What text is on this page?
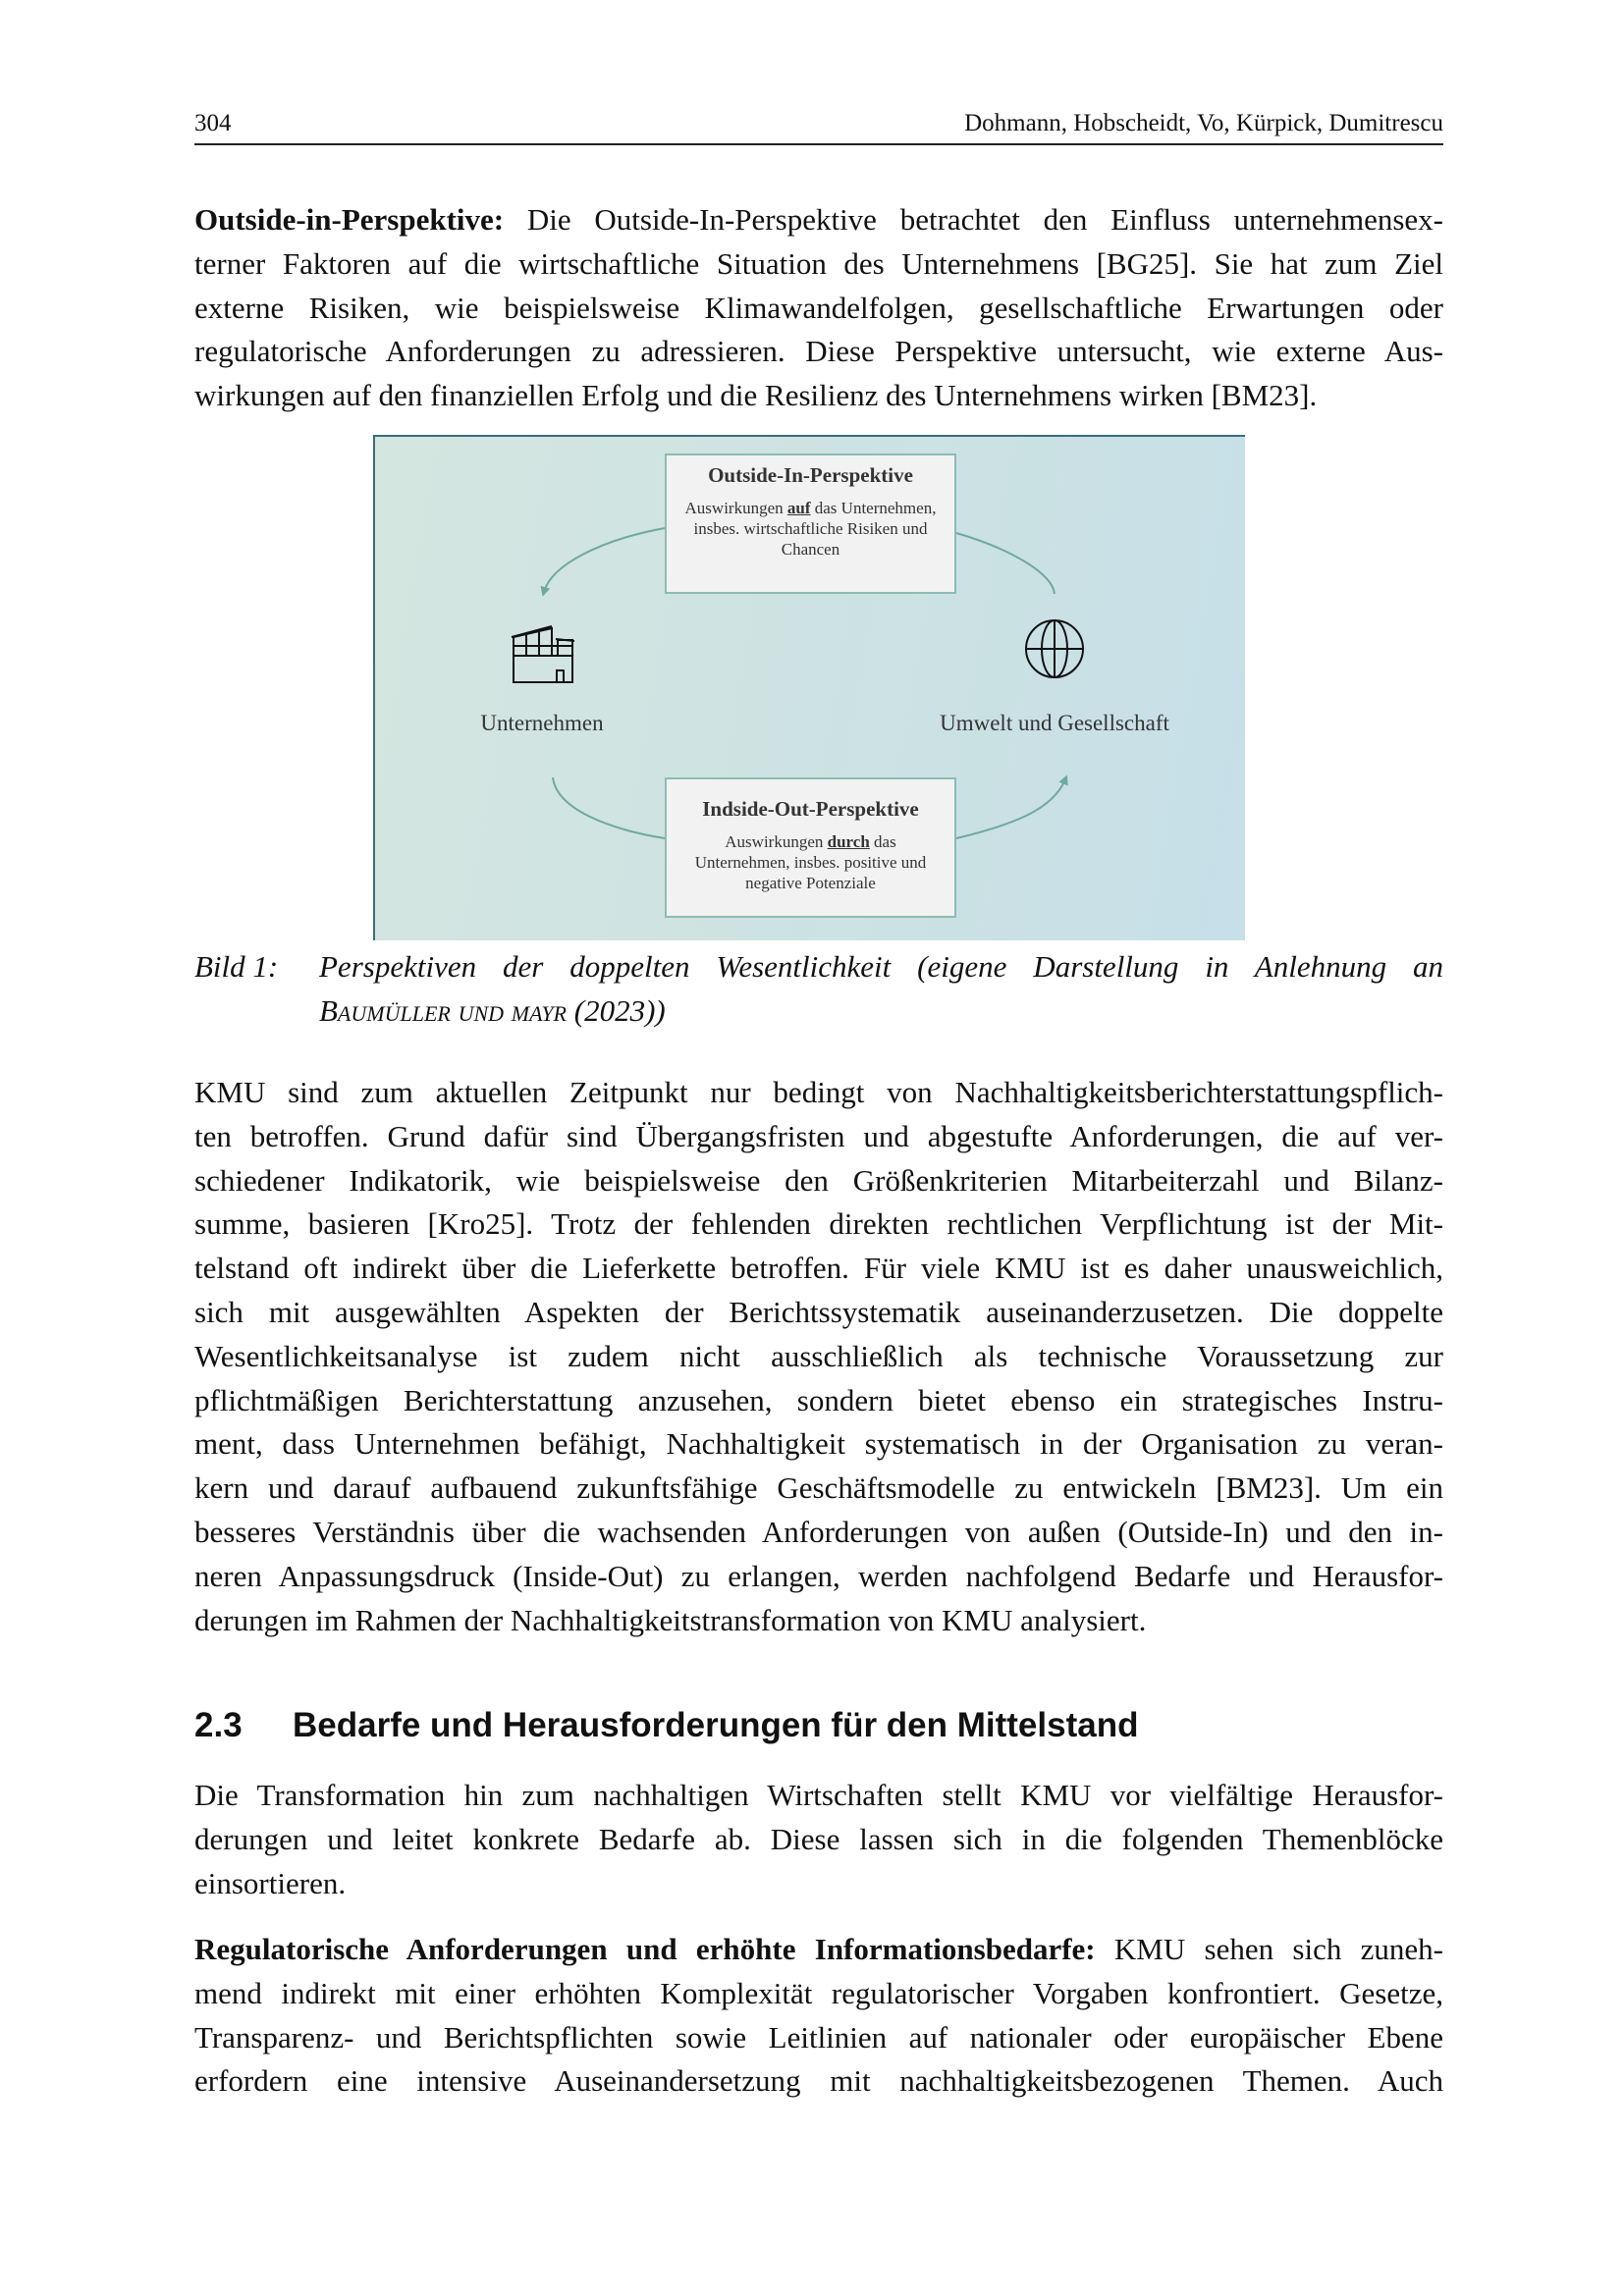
304	Dohmann, Hobscheidt, Vo, Kürpick, Dumitrescu
Outside-in-Perspektive: Die Outside-In-Perspektive betrachtet den Einfluss unternehmensex-
terner Faktoren auf die wirtschaftliche Situation des Unternehmens [BG25]. Sie hat zum Ziel
externe Risiken, wie beispielsweise Klimawandelfolgen, gesellschaftliche Erwartungen oder
regulatorische Anforderungen zu adressieren. Diese Perspektive untersucht, wie externe Aus-
wirkungen auf den finanziellen Erfolg und die Resilienz des Unternehmens wirken [BM23].
Outside-In-Perspektive
Auswirkungen auf das Unternehmen, insbes. wirtschaftliche Risiken und Chancen
Indside-Out-Perspektive
Auswirkungen durch das Unternehmen, insbes. positive und negative Potenziale
Unternehmen	Umwelt und Gesellschaft
Bild 1: Perspektiven der doppelten Wesentlichkeit (eigene Darstellung in Anlehnung an
Baumüller und mayr (2023))
KMU sind zum aktuellen Zeitpunkt nur bedingt von Nachhaltigkeitsberichterstattungspflich-
ten betroffen. Grund dafür sind Übergangsfristen und abgestufte Anforderungen, die auf ver-
schiedener Indikatorik, wie beispielsweise den Größenkriterien Mitarbeiterzahl und Bilanz-
summe, basieren [Kro25]. Trotz der fehlenden direkten rechtlichen Verpflichtung ist der Mit-
telstand oft indirekt über die Lieferkette betroffen. Für viele KMU ist es daher unausweichlich,
sich mit ausgewählten Aspekten der Berichtssystematik auseinanderzusetzen. Die doppelte
Wesentlichkeitsanalyse ist zudem nicht ausschließlich als technische Voraussetzung zur
pflichtmäßigen Berichterstattung anzusehen, sondern bietet ebenso ein strategisches Instru-
ment, dass Unternehmen befähigt, Nachhaltigkeit systematisch in der Organisation zu veran-
kern und darauf aufbauend zukunftsfähige Geschäftsmodelle zu entwickeln [BM23]. Um ein
besseres Verständnis über die wachsenden Anforderungen von außen (Outside-In) und den in-
neren Anpassungsdruck (Inside-Out) zu erlangen, werden nachfolgend Bedarfe und Herausfor-
derungen im Rahmen der Nachhaltigkeitstransformation von KMU analysiert.
2.3 Bedarfe und Herausforderungen für den Mittelstand
Die Transformation hin zum nachhaltigen Wirtschaften stellt KMU vor vielfältige Herausfor-
derungen und leitet konkrete Bedarfe ab. Diese lassen sich in die folgenden Themenblöcke
einsortieren.
Regulatorische Anforderungen und erhöhte Informationsbedarfe: KMU sehen sich zuneh-
mend indirekt mit einer erhöhten Komplexität regulatorischer Vorgaben konfrontiert. Gesetze,
Transparenz- und Berichtspflichten sowie Leitlinien auf nationaler oder europäischer Ebene
erfordern eine intensive Auseinandersetzung mit nachhaltigkeitsbezogenen Themen. Auch
